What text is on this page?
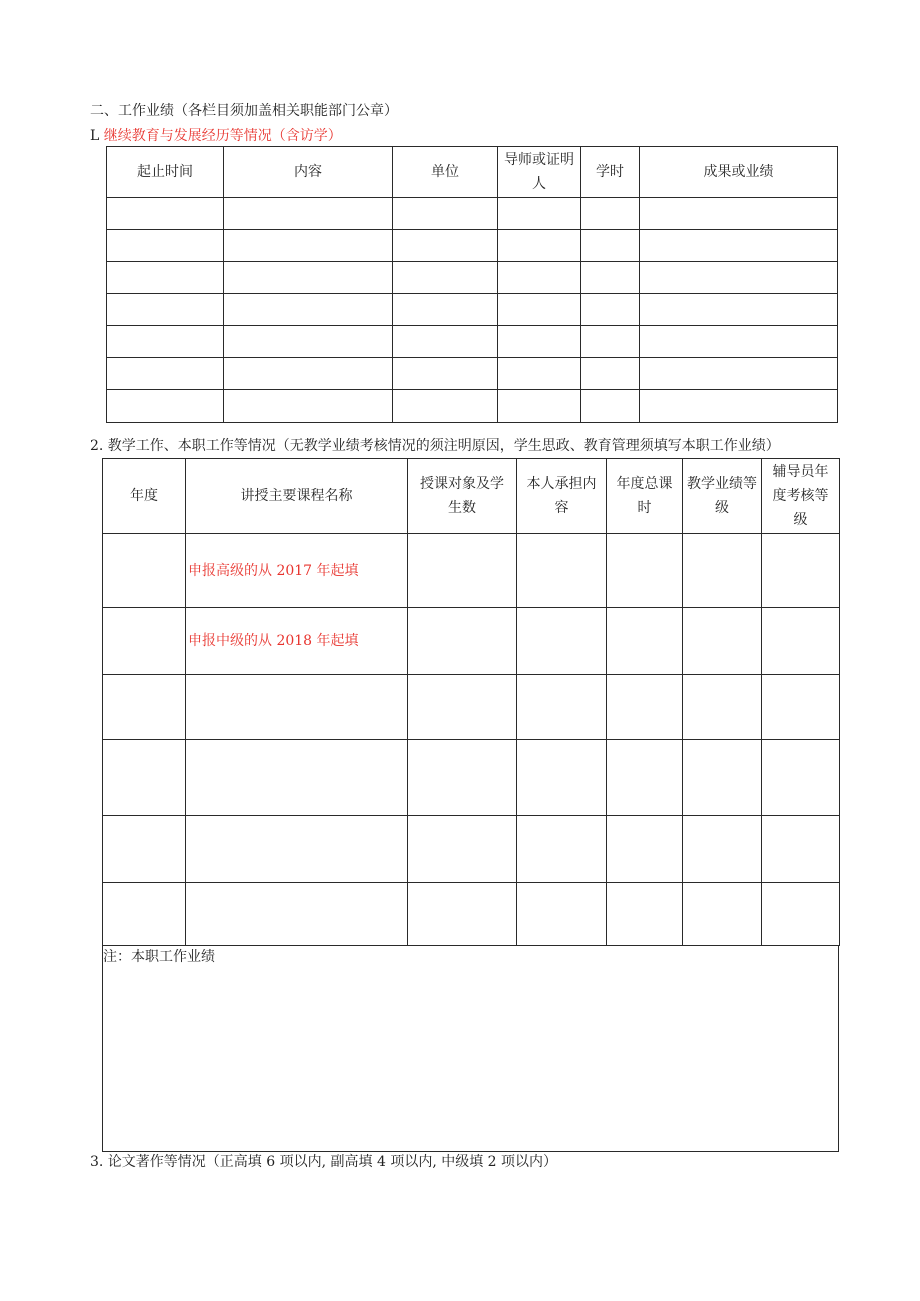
二、工作业绩（各栏目须加盖相关职能部门公章）
L 继续教育与发展经历等情况（含访学）
起止时间	内容	单位	导师或证明人	学时	成果或业绩

2. 教学工作、本职工作等情况（无教学业绩考核情况的须注明原因，学生思政、教育管理须填写本职工作业绩）
年度	讲授主要课程名称	授课对象及学生数	本人承担内容	年度总课时	教学业绩等级	辅导员年度考核等级
	申报高级的从 2017 年起填					
	申报中级的从 2018 年起填					

注：本职工作业绩
3. 论文著作等情况（正高填 6 项以内, 副高填 4 项以内, 中级填 2 项以内）
